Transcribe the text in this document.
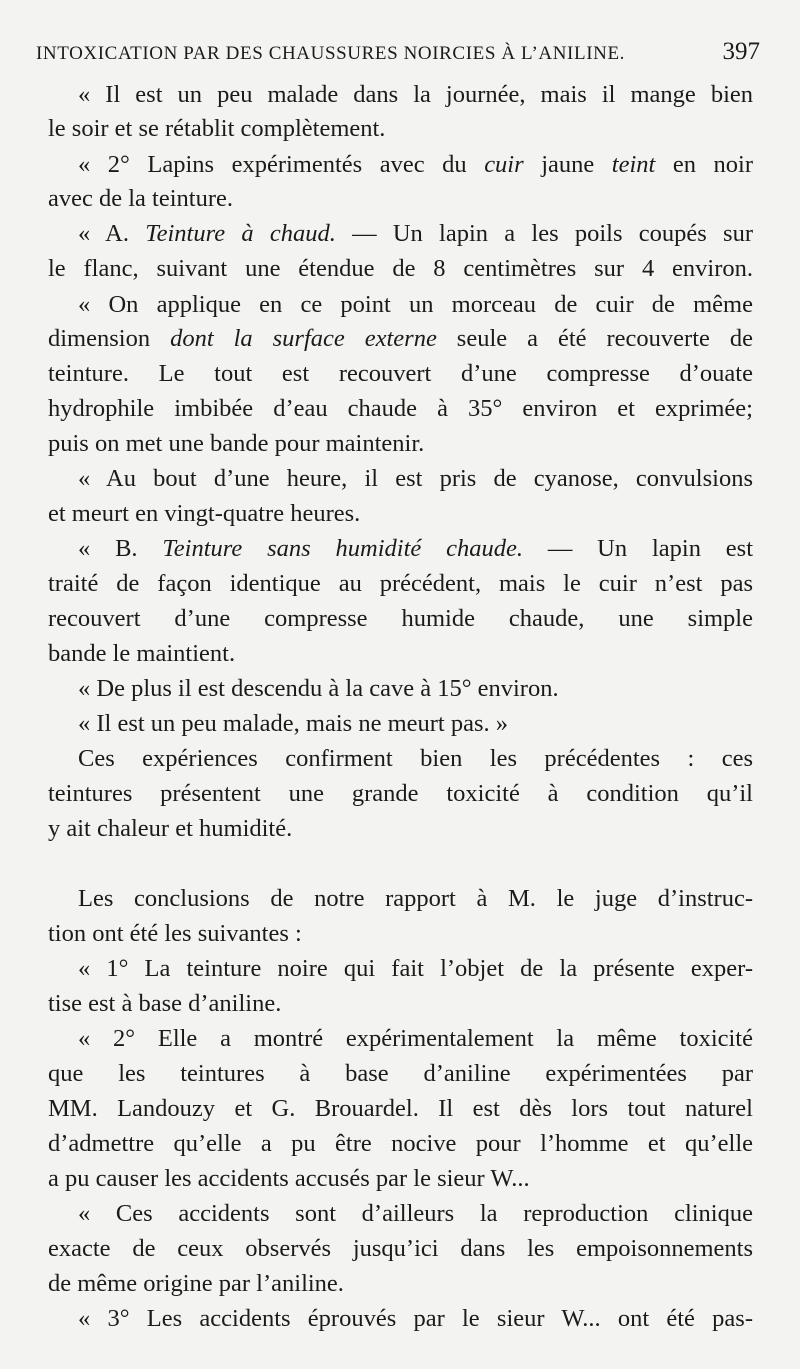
INTOXICATION PAR DES CHAUSSURES NOIRCIES À L’ANILINE.	397
« Il est un peu malade dans la journée, mais il mange bien
le soir et se rétablit complètement.
« 2° Lapins expérimentés avec du cuir jaune teint en noir
avec de la teinture.
« A. Teinture à chaud. — Un lapin a les poils coupés sur
le flanc, suivant une étendue de 8 centimètres sur 4 environ.
« On applique en ce point un morceau de cuir de même
dimension dont la surface externe seule a été recouverte de
teinture. Le tout est recouvert d’une compresse d’ouate
hydrophile imbibée d’eau chaude à 35° environ et exprimée;
puis on met une bande pour maintenir.
« Au bout d’une heure, il est pris de cyanose, convulsions
et meurt en vingt-quatre heures.
« B. Teinture sans humidité chaude. — Un lapin est
traité de façon identique au précédent, mais le cuir n’est pas
recouvert d’une compresse humide chaude, une simple
bande le maintient.
« De plus il est descendu à la cave à 15° environ.
« Il est un peu malade, mais ne meurt pas. »
Ces expériences confirment bien les précédentes : ces
teintures présentent une grande toxicité à condition qu’il
y ait chaleur et humidité.
Les conclusions de notre rapport à M. le juge d’instruc-
tion ont été les suivantes :
« 1° La teinture noire qui fait l’objet de la présente exper-
tise est à base d’aniline.
« 2° Elle a montré expérimentalement la même toxicité
que les teintures à base d’aniline expérimentées par
MM. Landouzy et G. Brouardel. Il est dès lors tout naturel
d’admettre qu’elle a pu être nocive pour l’homme et qu’elle
a pu causer les accidents accusés par le sieur W...
« Ces accidents sont d’ailleurs la reproduction clinique
exacte de ceux observés jusqu’ici dans les empoisonnements
de même origine par l’aniline.
« 3° Les accidents éprouvés par le sieur W... ont été pas-
